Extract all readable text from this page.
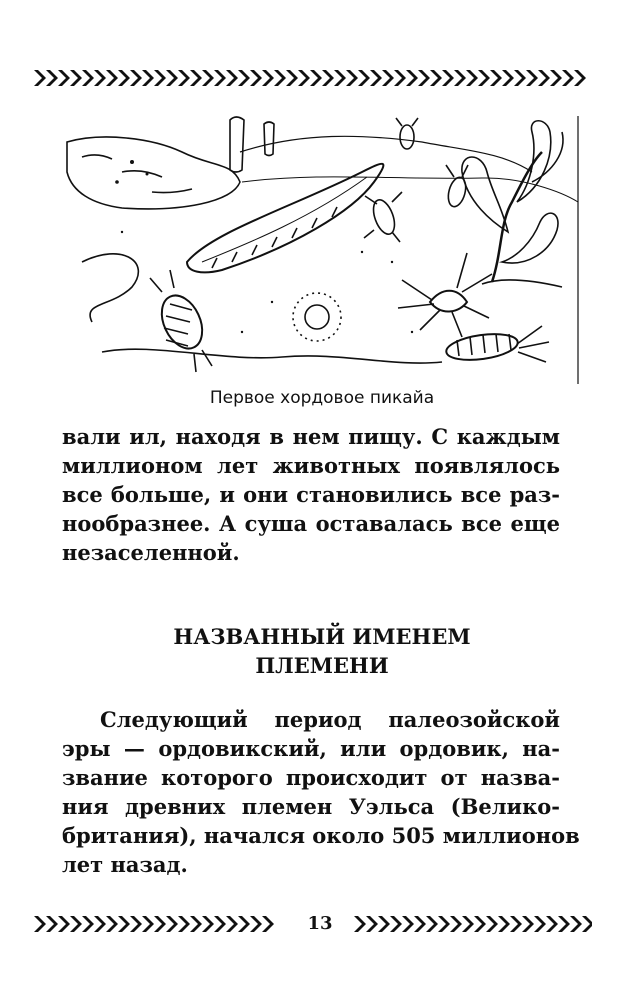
Первое хордовое пикайа
вали ил, находя в нем пищу. С каждым
миллионом лет животных появлялось
все больше, и они становились все раз-
нообразнее. А суша оставалась все еще
незаселенной.
НАЗВАННЫЙ ИМЕНЕМ
ПЛЕМЕНИ
Следующий период палеозойской
эры — ордовикский, или ордовик, на-
звание которого происходит от назва-
ния древних племен Уэльса (Велико-
британия), начался около 505 миллионов
лет назад.
13
